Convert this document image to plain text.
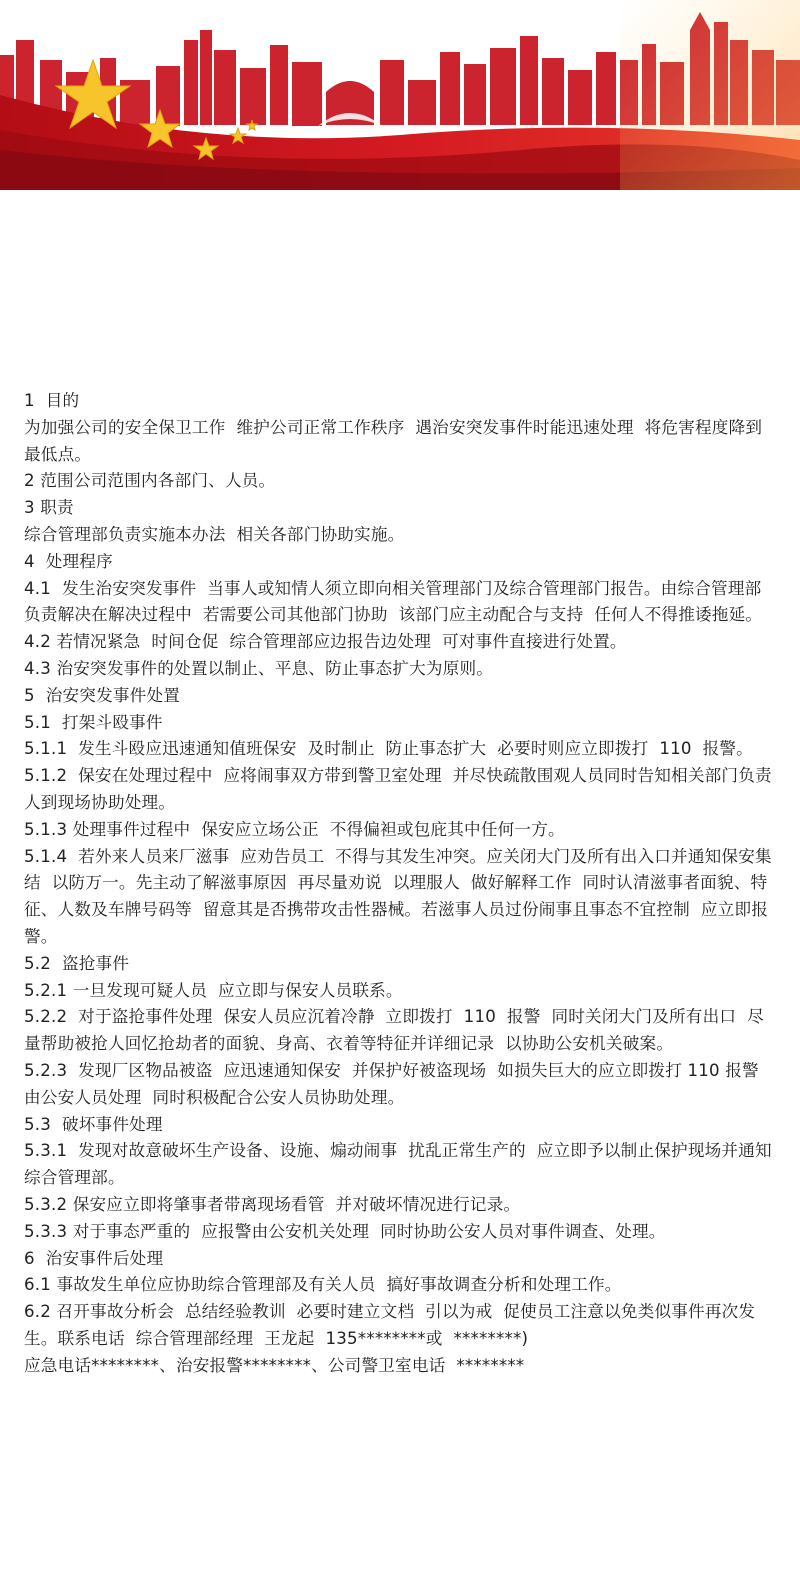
1  目的

为加强公司的安全保卫工作  维护公司正常工作秩序  遇治安突发事件时能迅速处理  将危害程度降到最低点。

2 范围公司范围内各部门、人员。

3 职责

综合管理部负责实施本办法  相关各部门协助实施。

4  处理程序

4.1  发生治安突发事件  当事人或知情人须立即向相关管理部门及综合管理部门报告。由综合管理部负责解决在解决过程中  若需要公司其他部门协助  该部门应主动配合与支持  任何人不得推诿拖延。

4.2 若情况紧急  时间仓促  综合管理部应边报告边处理  可对事件直接进行处置。

4.3 治安突发事件的处置以制止、平息、防止事态扩大为原则。

5  治安突发事件处置

5.1  打架斗殴事件

5.1.1  发生斗殴应迅速通知值班保安  及时制止  防止事态扩大  必要时则应立即拨打  110  报警。

5.1.2  保安在处理过程中  应将闹事双方带到警卫室处理  并尽快疏散围观人员同时告知相关部门负责人到现场协助处理。

5.1.3 处理事件过程中  保安应立场公正  不得偏袒或包庇其中任何一方。

5.1.4  若外来人员来厂滋事  应劝告员工  不得与其发生冲突。应关闭大门及所有出入口并通知保安集结  以防万一。先主动了解滋事原因  再尽量劝说  以理服人  做好解释工作  同时认清滋事者面貌、特征、人数及车牌号码等  留意其是否携带攻击性器械。若滋事人员过份闹事且事态不宜控制  应立即报警。

5.2  盗抢事件

5.2.1 一旦发现可疑人员  应立即与保安人员联系。

5.2.2  对于盗抢事件处理  保安人员应沉着冷静  立即拨打  110  报警  同时关闭大门及所有出口  尽量帮助被抢人回忆抢劫者的面貌、身高、衣着等特征并详细记录  以协助公安机关破案。

5.2.3  发现厂区物品被盗  应迅速通知保安  并保护好被盗现场  如损失巨大的应立即拨打 110 报警  由公安人员处理  同时积极配合公安人员协助处理。

5.3  破坏事件处理

5.3.1  发现对故意破坏生产设备、设施、煽动闹事  扰乱正常生产的  应立即予以制止保护现场并通知综合管理部。

5.3.2 保安应立即将肇事者带离现场看管  并对破坏情况进行记录。

5.3.3 对于事态严重的  应报警由公安机关处理  同时协助公安人员对事件调查、处理。

6  治安事件后处理

6.1 事故发生单位应协助综合管理部及有关人员  搞好事故调查分析和处理工作。

6.2 召开事故分析会  总结经验教训  必要时建立文档  引以为戒  促使员工注意以免类似事件再次发生。联系电话  综合管理部经理  王龙起  135********或  ********)

应急电话********、治安报警********、公司警卫室电话  ********
